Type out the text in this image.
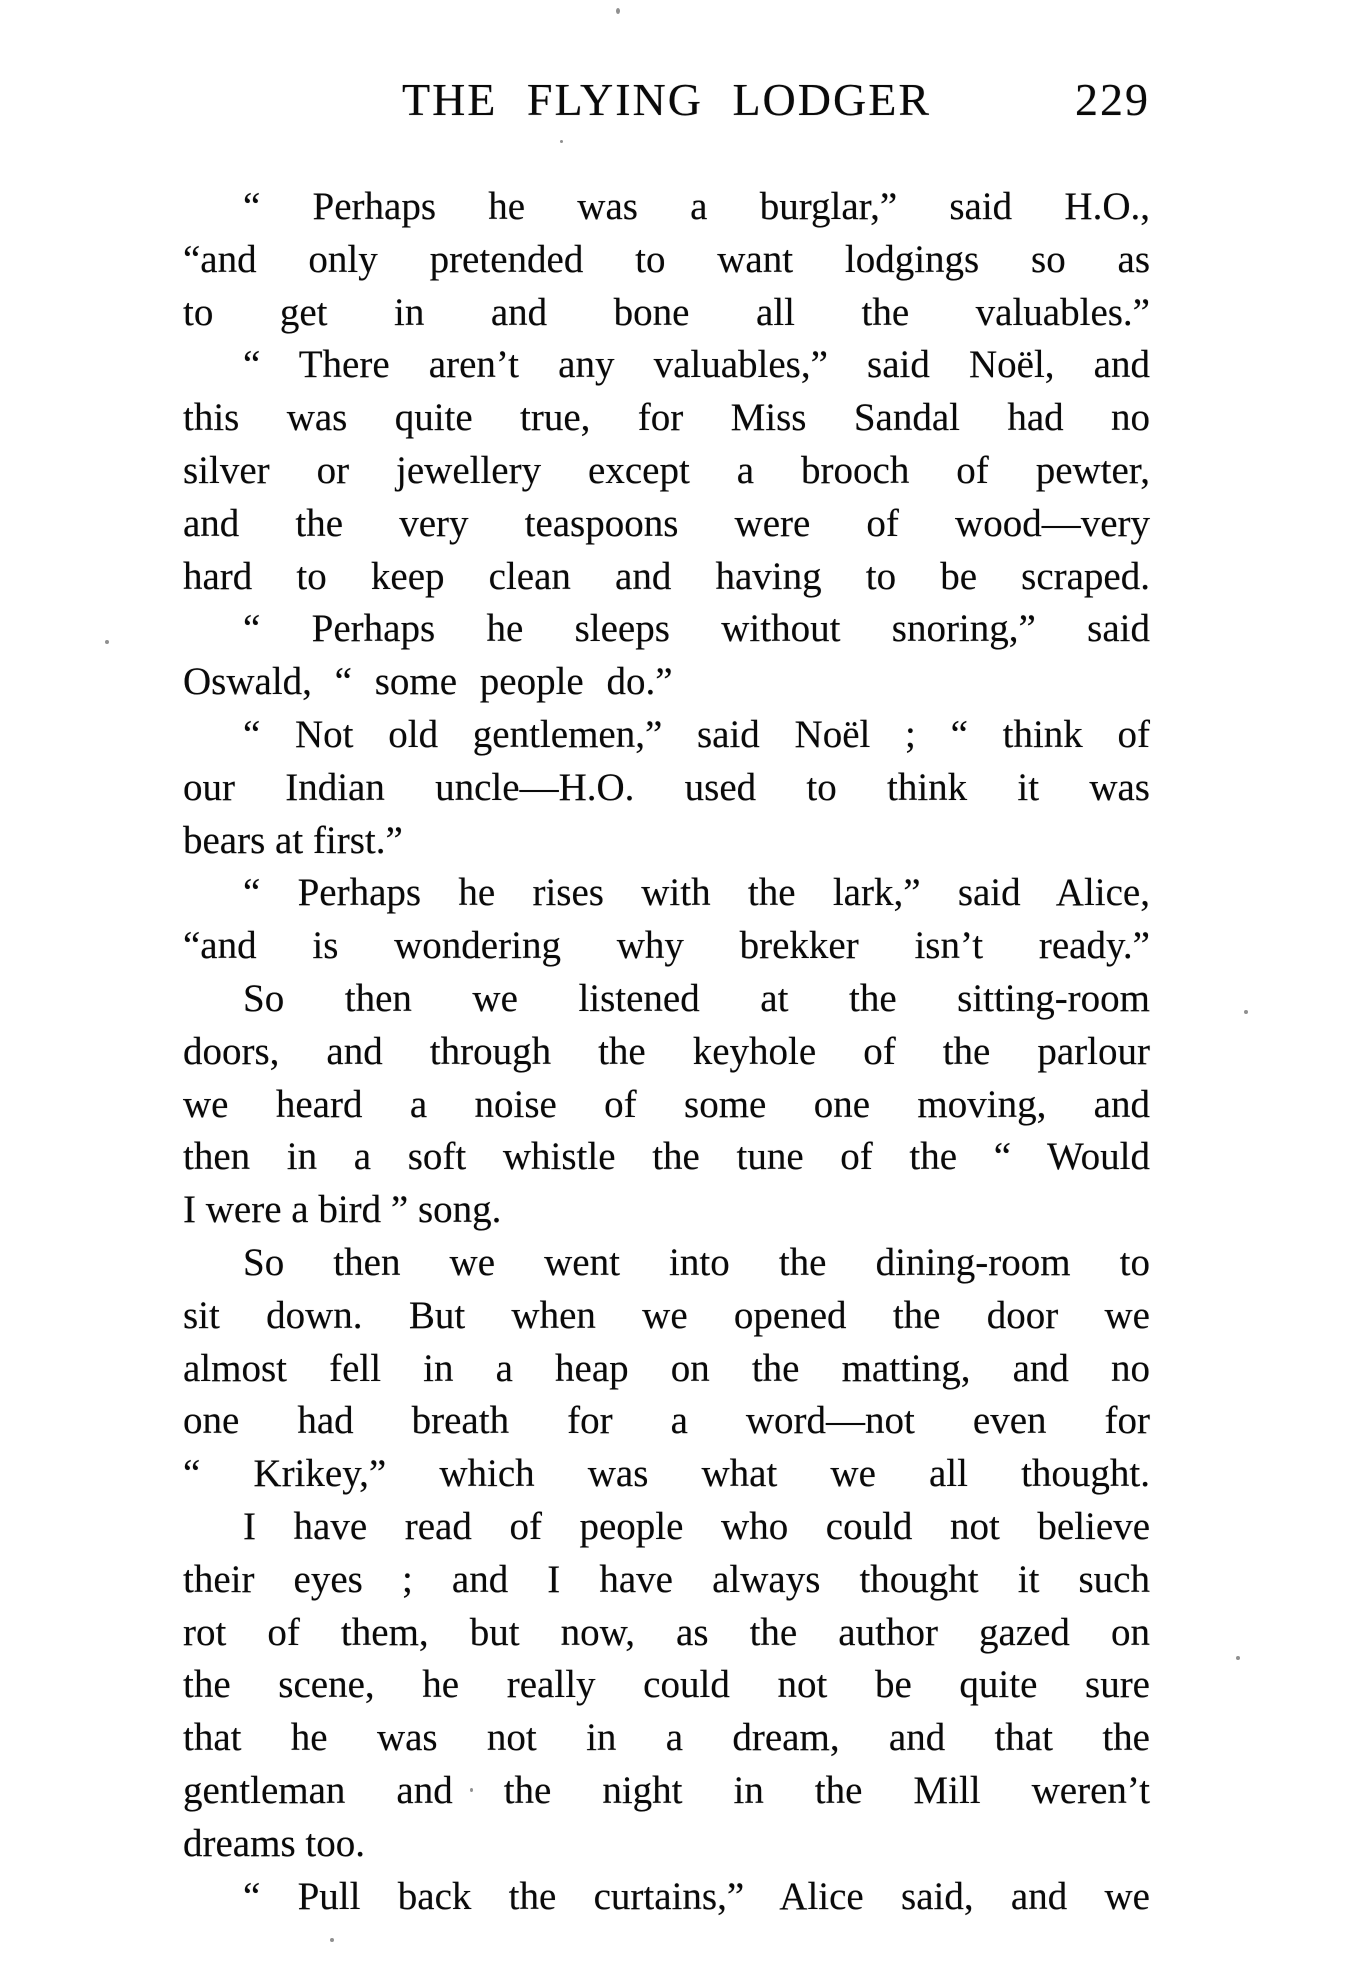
THE FLYING LODGER	229
“ Perhaps he was a burglar,” said H.O.,
“and only pretended to want lodgings so as
to get in and bone all the valuables.”
“ There aren’t any valuables,” said Noël, and
this was quite true, for Miss Sandal had no
silver or jewellery except a brooch of pewter,
and the very teaspoons were of wood—very
hard to keep clean and having to be scraped.
“ Perhaps he sleeps without snoring,” said
Oswald, “ some people do.”
“ Not old gentlemen,” said Noël ; “ think of
our Indian uncle—H.O. used to think it was
bears at first.”
“ Perhaps he rises with the lark,” said Alice,
“and is wondering why brekker isn’t ready.”
So then we listened at the sitting-room
doors, and through the keyhole of the parlour
we heard a noise of some one moving, and
then in a soft whistle the tune of the “ Would
I were a bird ” song.
So then we went into the dining-room to
sit down. But when we opened the door we
almost fell in a heap on the matting, and no
one had breath for a word—not even for
“ Krikey,” which was what we all thought.
I have read of people who could not believe
their eyes ; and I have always thought it such
rot of them, but now, as the author gazed on
the scene, he really could not be quite sure
that he was not in a dream, and that the
gentleman and the night in the Mill weren’t
dreams too.
“ Pull back the curtains,” Alice said, and we
